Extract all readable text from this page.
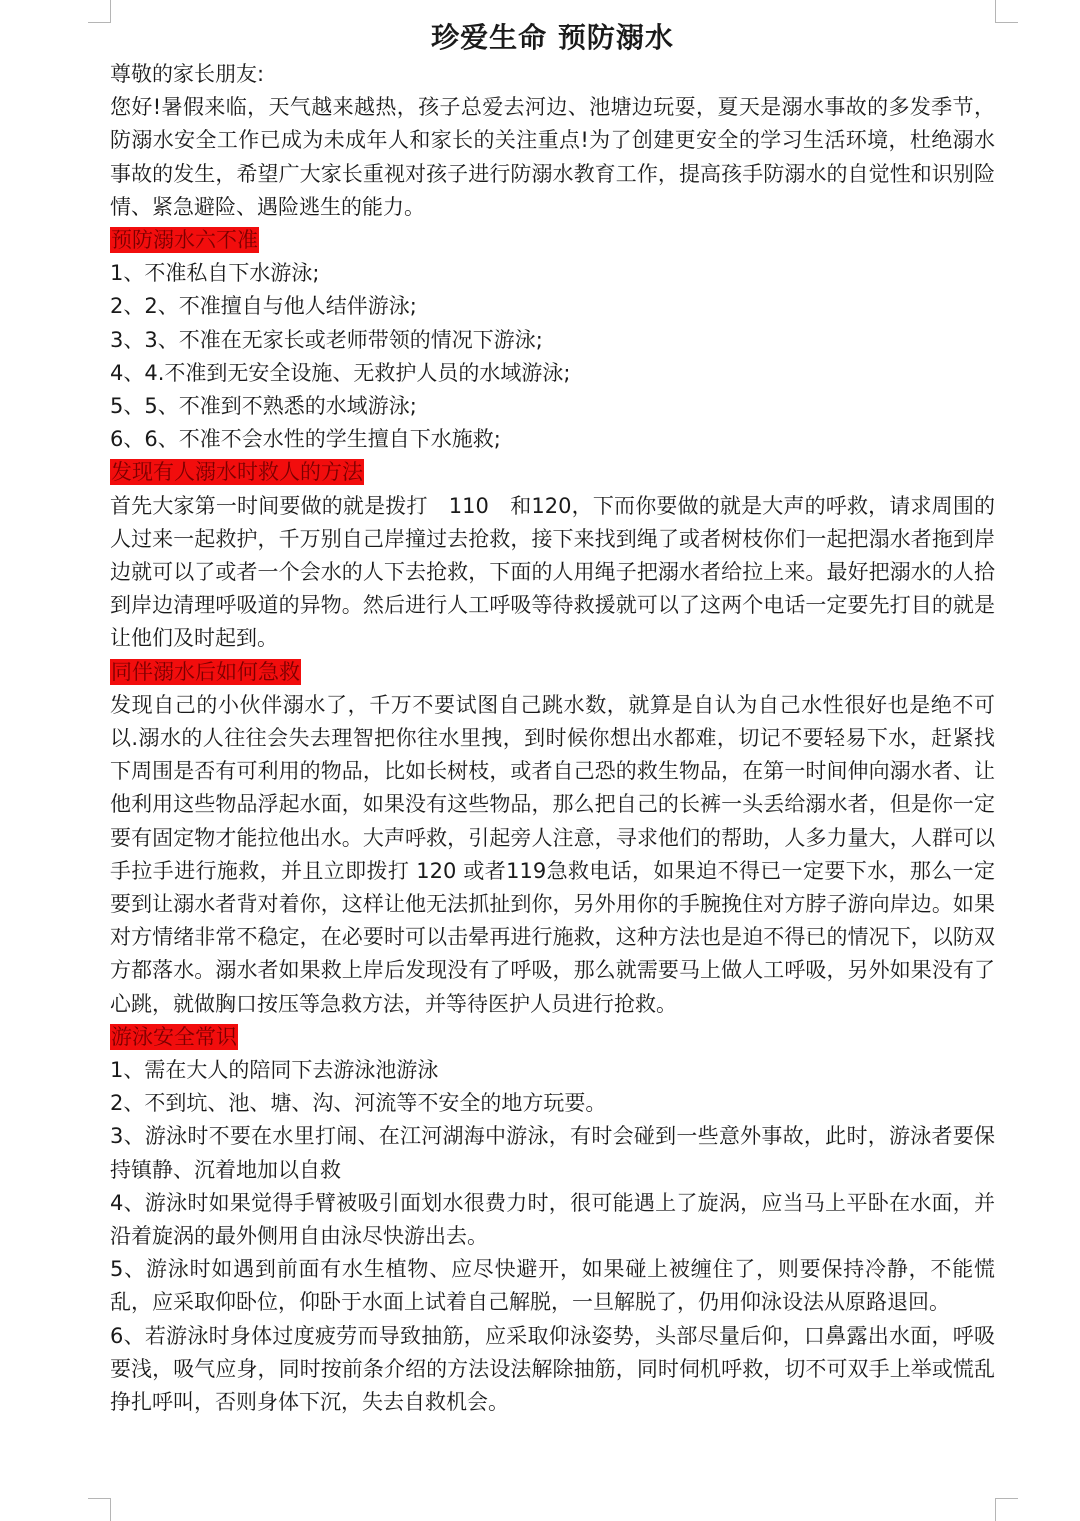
珍爱生命 预防溺水

尊敬的家长朋友:

您好!暑假来临，天气越来越热，孩子总爱去河边、池塘边玩耍，夏天是溺水事故的多发季节，防溺水安全工作已成为未成年人和家长的关注重点!为了创建更安全的学习生活环境，杜绝溺水事故的发生，希望广大家长重视对孩子进行防溺水教育工作，提高孩手防溺水的自觉性和识别险情、紧急避险、遇险逃生的能力。

预防溺水六不准

1、不准私自下水游泳;

2、2、不准擅自与他人结伴游泳;

3、3、不准在无家长或老师带领的情况下游泳;

4、4.不准到无安全设施、无救护人员的水域游泳;

5、5、不准到不熟悉的水域游泳;

6、6、不准不会水性的学生擅自下水施救;

发现有人溺水时救人的方法

首先大家第一时间要做的就是拨打　110　和120，下而你要做的就是大声的呼救，请求周围的人过来一起救护，千万别自己岸撞过去抢救，接下来找到绳了或者树枝你们一起把溻水者拖到岸边就可以了或者一个会水的人下去抢救，下面的人用绳子把溺水者给拉上来。最好把溺水的人拾到岸边清理呼吸道的异物。然后进行人工呼吸等待救援就可以了这两个电话一定要先打目的就是让他们及时起到。

同伴溺水后如何急救

发现自己的小伙伴溺水了，千万不要试图自己跳水数，就算是自认为自己水性很好也是绝不可以.溺水的人往往会失去理智把你往水里拽，到时候你想出水都难，切记不要轻易下水，赶紧找下周围是否有可利用的物品，比如长树枝，或者自己恐的救生物品，在第一时间伸向溺水者、让他利用这些物品浮起水面，如果没有这些物品，那么把自己的长裤一头丢给溺水者，但是你一定要有固定物才能拉他出水。大声呼救，引起旁人注意，寻求他们的帮助，人多力量大，人群可以手拉手进行施救，并且立即拨打 120 或者119急救电话，如果迫不得已一定要下水，那么一定要到让溺水者背对着你，这样让他无法抓扯到你，另外用你的手腕挽住对方脖子游向岸边。如果对方情绪非常不稳定，在必要时可以击晕再进行施救，这种方法也是迫不得已的情况下，以防双方都落水。溺水者如果救上岸后发现没有了呼吸，那么就需要马上做人工呼吸，另外如果没有了心跳，就做胸口按压等急救方法，并等待医护人员进行抢救。

游泳安全常识

1、需在大人的陪同下去游泳池游泳

2、不到坑、池、塘、沟、河流等不安全的地方玩要。

3、游泳时不要在水里打闹、在江河湖海中游泳，有时会碰到一些意外事故，此时，游泳者要保持镇静、沉着地加以自救

4、游泳时如果觉得手臂被吸引面划水很费力时，很可能遇上了旋涡，应当马上平卧在水面，并沿着旋涡的最外侧用自由泳尽快游出去。

5、游泳时如遇到前面有水生植物、应尽快避开，如果碰上被缠住了，则要保持冷静，不能慌乱，应采取仰卧位，仰卧于水面上试着自己解脱，一旦解脱了，仍用仰泳设法从原路退回。

6、若游泳时身体过度疲劳而导致抽筋，应采取仰泳姿势，头部尽量后仰，口鼻露出水面，呼吸要浅，吸气应身，同时按前条介绍的方法设法解除抽筋，同时伺机呼救，切不可双手上举或慌乱挣扎呼叫，否则身体下沉，失去自救机会。
